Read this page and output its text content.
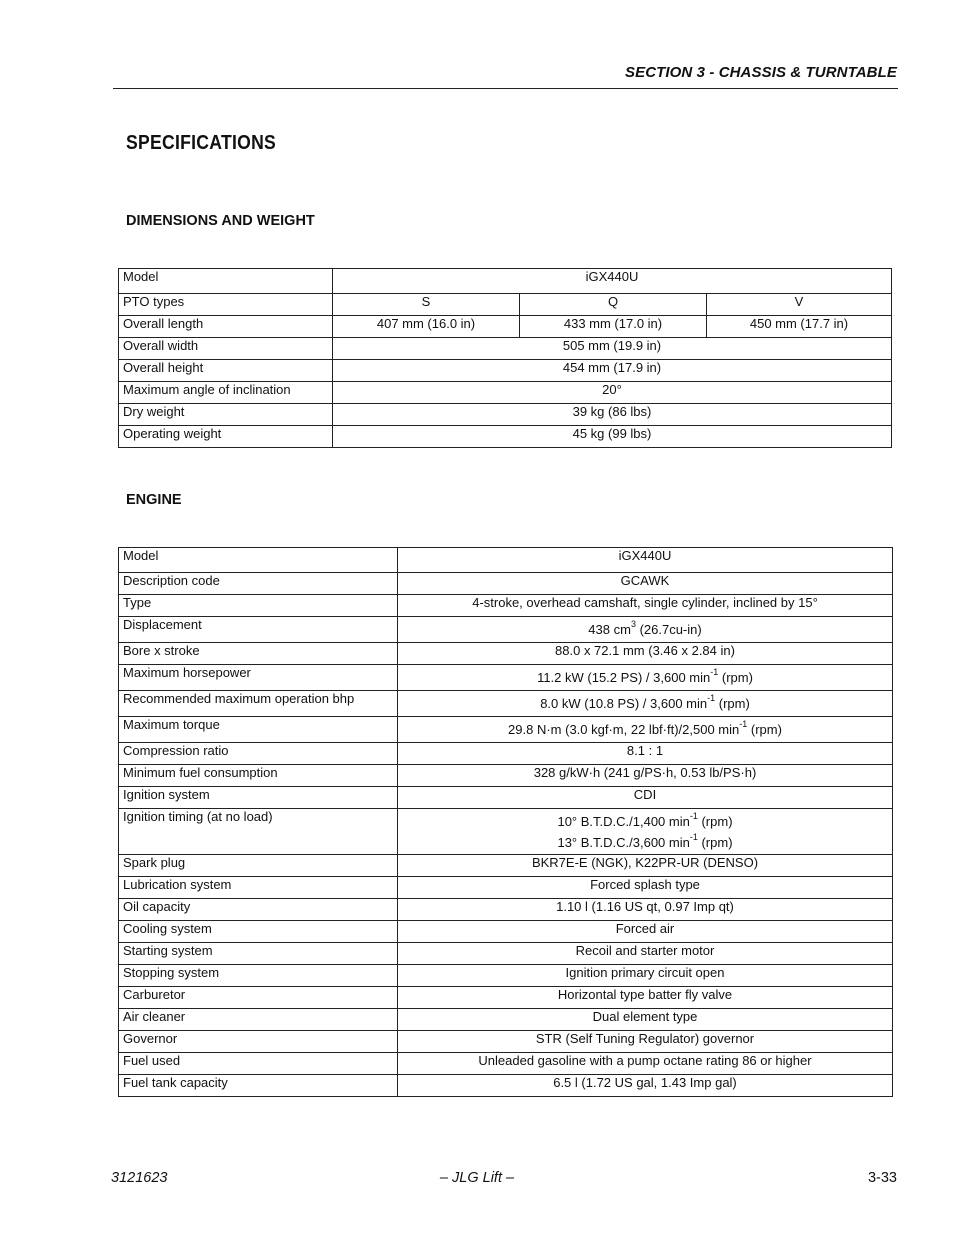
SECTION 3 - CHASSIS & TURNTABLE
SPECIFICATIONS
DIMENSIONS AND WEIGHT
Model	iGX440U		
PTO types	S	Q	V
Overall length	407 mm (16.0 in)	433 mm (17.0 in)	450 mm (17.7 in)
Overall width	505 mm (19.9 in)		
Overall height	454 mm (17.9 in)		
Maximum angle of inclination	20°		
Dry weight	39 kg (86 lbs)		
Operating weight	45 kg (99 lbs)		
ENGINE
Model	iGX440U
Description code	GCAWK
Type	4-stroke, overhead camshaft, single cylinder, inclined by 15°
Displacement	438 $cm^3$ (26.7cu-in)
Bore x stroke	88.0 x 72.1 mm (3.46 x 2.84 in)
Maximum horsepower	11.2 kW (15.2 PS) / 3,600 $\min^{-1} (rpm)$
Recommended maximum operation bhp	8.0 kW (10.8 PS) / 3,600 $\min^{-1} (rpm)$
Maximum torque	29.8 N·m (3.0 kgf·m, 22 lbf·ft)/2,500 $\min^{-1} (rpm)$
Compression ratio	8.1 : 1
Minimum fuel consumption	328 g/kW·h (241 g/PS·h, 0.53 lb/PS·h)
Ignition system	CDI
Ignition timing (at no load)	10° B.T.D.C./1,400 $\min^{-1} (rpm)$
13° B.T.D.C./3,600 $\min^{-1} (rpm)$

Spark plug	BKR7E-E (NGK), K22PR-UR (DENSO)
Lubrication system	Forced splash type
Oil capacity	1.10 l (1.16 US qt, 0.97 Imp qt)
Cooling system	Forced air
Starting system	Recoil and starter motor
Stopping system	Ignition primary circuit open
Carburetor	Horizontal type batter fly valve
Air cleaner	Dual element type
Governor	STR (Self Tuning Regulator) governor
Fuel used	Unleaded gasoline with a pump octane rating 86 or higher
Fuel tank capacity	6.5 l (1.72 US gal, 1.43 Imp gal)
3121623	– JLG Lift –	3-33
